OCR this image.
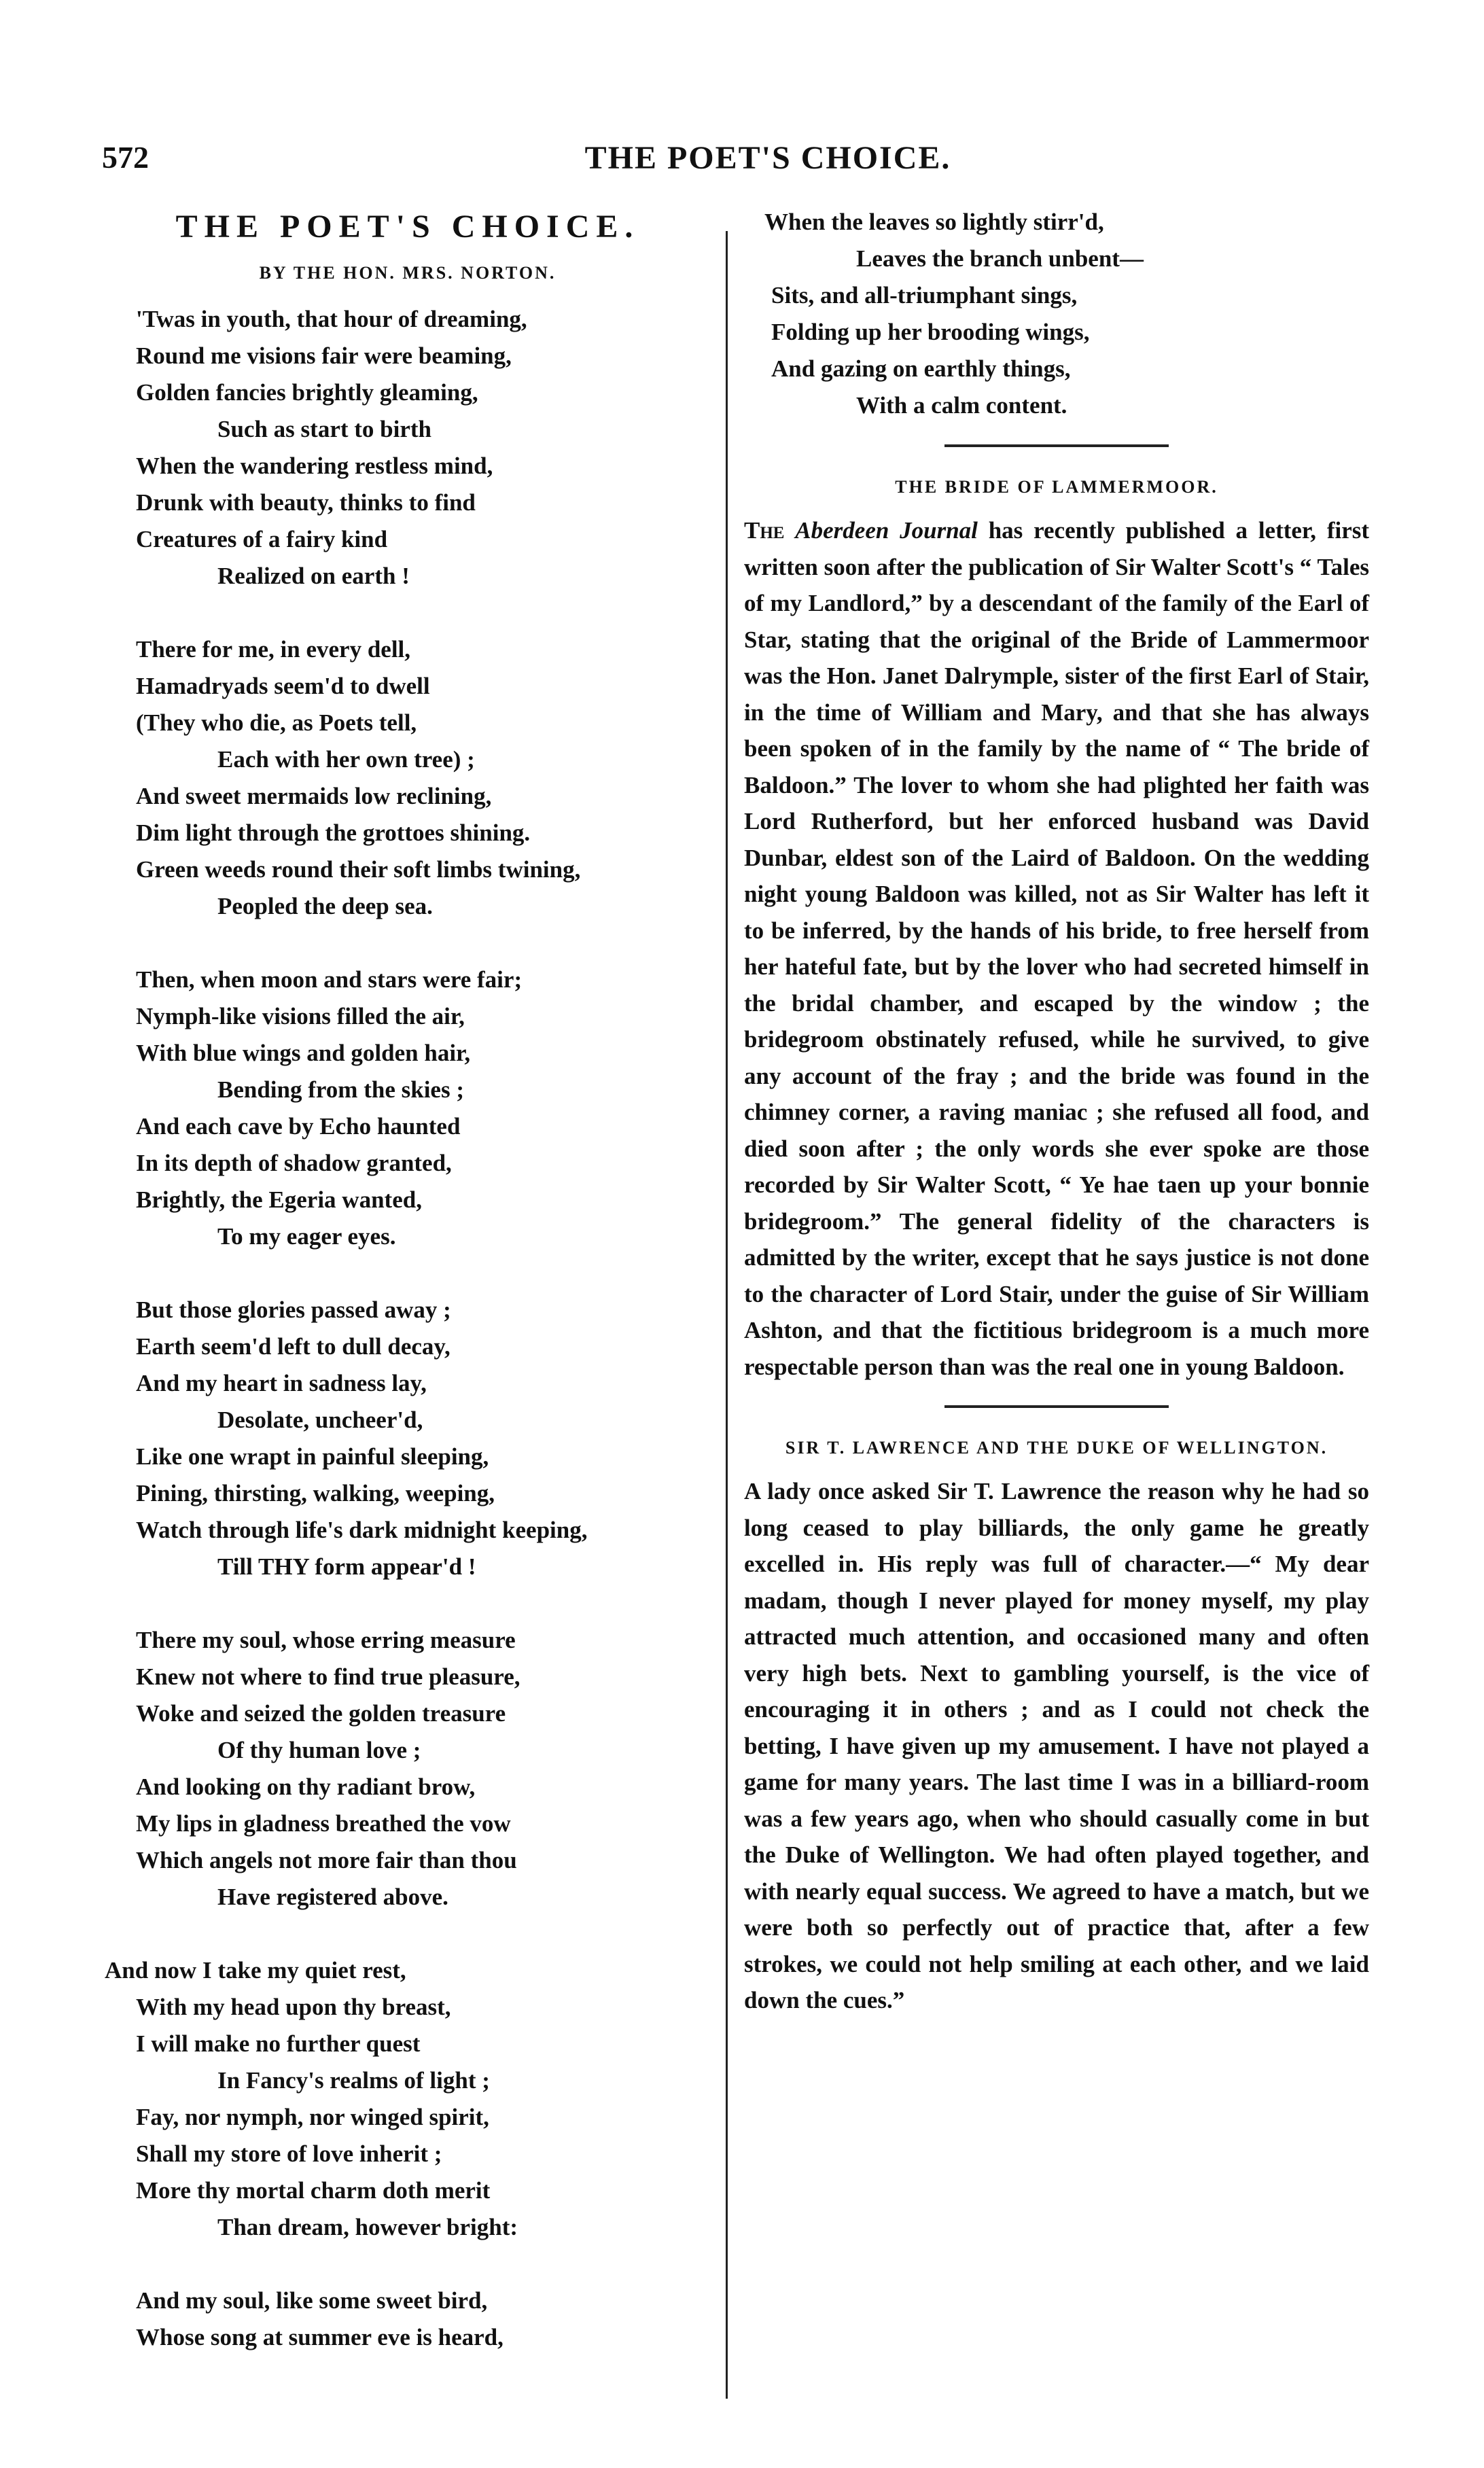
572	THE POET'S CHOICE.
THE POET'S CHOICE.
BY THE HON. MRS. NORTON.
'Twas in youth, that hour of dreaming,
Round me visions fair were beaming,
Golden fancies brightly gleaming,
Such as start to birth
When the wandering restless mind,
Drunk with beauty, thinks to find
Creatures of a fairy kind
Realized on earth !
There for me, in every dell,
Hamadryads seem'd to dwell
(They who die, as Poets tell,
Each with her own tree) ;
And sweet mermaids low reclining,
Dim light through the grottoes shining.
Green weeds round their soft limbs twining,
Peopled the deep sea.
Then, when moon and stars were fair;
Nymph-like visions filled the air,
With blue wings and golden hair,
Bending from the skies ;
And each cave by Echo haunted
In its depth of shadow granted,
Brightly, the Egeria wanted,
To my eager eyes.
But those glories passed away ;
Earth seem'd left to dull decay,
And my heart in sadness lay,
Desolate, uncheer'd,
Like one wrapt in painful sleeping,
Pining, thirsting, walking, weeping,
Watch through life's dark midnight keeping,
Till THY form appear'd !
There my soul, whose erring measure
Knew not where to find true pleasure,
Woke and seized the golden treasure
Of thy human love ;
And looking on thy radiant brow,
My lips in gladness breathed the vow
Which angels not more fair than thou
Have registered above.
And now I take my quiet rest,
With my head upon thy breast,
I will make no further quest
In Fancy's realms of light ;
Fay, nor nymph, nor winged spirit,
Shall my store of love inherit ;
More thy mortal charm doth merit
Than dream, however bright:
And my soul, like some sweet bird,
Whose song at summer eve is heard,
When the leaves so lightly stirr'd,
Leaves the branch unbent—
Sits, and all-triumphant sings,
Folding up her brooding wings,
And gazing on earthly things,
With a calm content.
THE BRIDE OF LAMMERMOOR.
The Aberdeen Journal has recently published a letter, first written soon after the publication of Sir Walter Scott's “ Tales of my Landlord,” by a descendant of the family of the Earl of Star, stating that the original of the Bride of Lammermoor was the Hon. Janet Dalrymple, sister of the first Earl of Stair, in the time of William and Mary, and that she has always been spoken of in the family by the name of “ The bride of Baldoon.” The lover to whom she had plighted her faith was Lord Rutherford, but her enforced husband was David Dunbar, eldest son of the Laird of Baldoon. On the wedding night young Baldoon was killed, not as Sir Walter has left it to be inferred, by the hands of his bride, to free herself from her hateful fate, but by the lover who had secreted himself in the bridal chamber, and escaped by the window ; the bridegroom obstinately refused, while he survived, to give any account of the fray ; and the bride was found in the chimney corner, a raving maniac ; she refused all food, and died soon after ; the only words she ever spoke are those recorded by Sir Walter Scott, “ Ye hae taen up your bonnie bridegroom.” The general fidelity of the characters is admitted by the writer, except that he says justice is not done to the character of Lord Stair, under the guise of Sir William Ashton, and that the fictitious bridegroom is a much more respectable person than was the real one in young Baldoon.
SIR T. LAWRENCE AND THE DUKE OF WELLINGTON.
A lady once asked Sir T. Lawrence the reason why he had so long ceased to play billiards, the only game he greatly excelled in. His reply was full of character.—“ My dear madam, though I never played for money myself, my play attracted much attention, and occasioned many and often very high bets. Next to gambling yourself, is the vice of encouraging it in others ; and as I could not check the betting, I have given up my amusement. I have not played a game for many years. The last time I was in a billiard-room was a few years ago, when who should casually come in but the Duke of Wellington. We had often played together, and with nearly equal success. We agreed to have a match, but we were both so perfectly out of practice that, after a few strokes, we could not help smiling at each other, and we laid down the cues.”
